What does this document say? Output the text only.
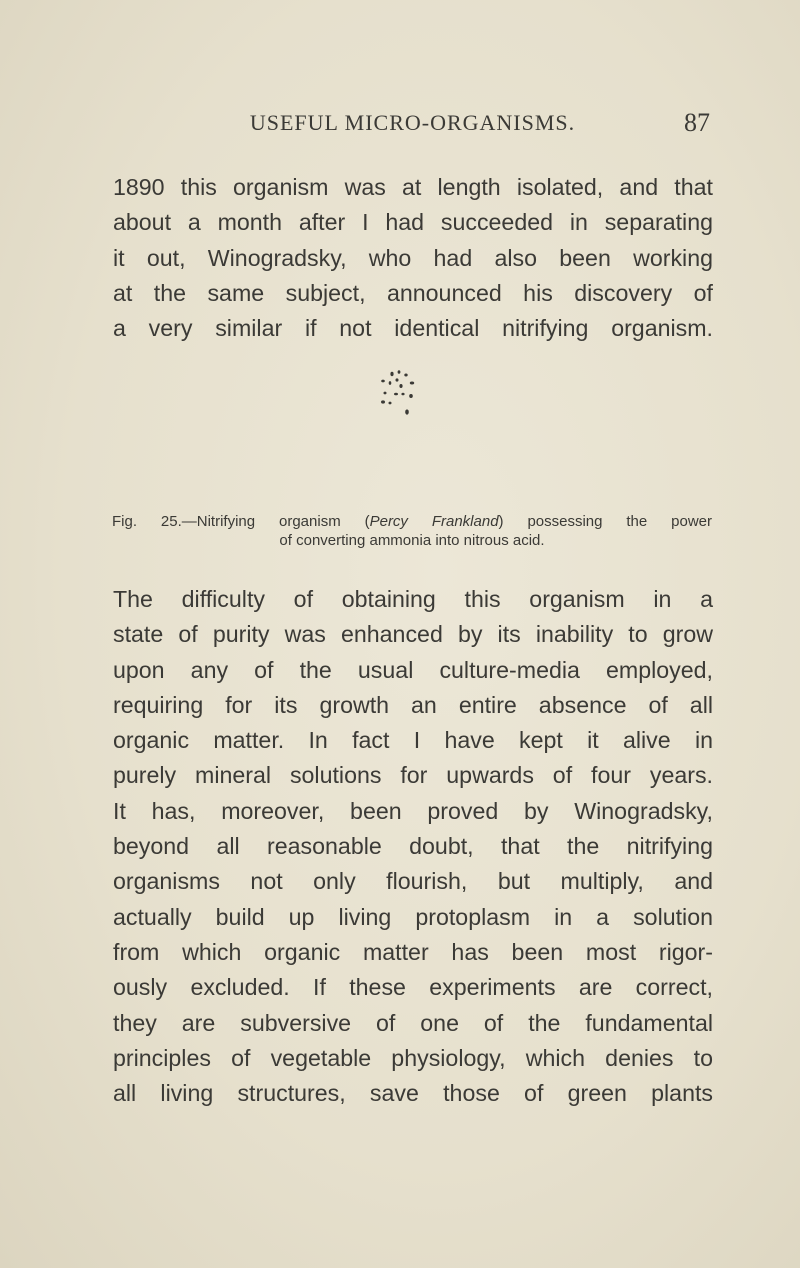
USEFUL MICRO-ORGANISMS.	87
1890 this organism was at length isolated, and that
about a month after I had succeeded in separating
it out, Winogradsky, who had also been working
at the same subject, announced his discovery of
a very similar if not identical nitrifying organism.
Fig. 25.—Nitrifying organism (Percy Frankland) possessing the power
of converting ammonia into nitrous acid.
The difficulty of obtaining this organism in a
state of purity was enhanced by its inability to grow
upon any of the usual culture-media employed,
requiring for its growth an entire absence of all
organic matter. In fact I have kept it alive in
purely mineral solutions for upwards of four years.
It has, moreover, been proved by Winogradsky,
beyond all reasonable doubt, that the nitrifying
organisms not only flourish, but multiply, and
actually build up living protoplasm in a solution
from which organic matter has been most rigor-
ously excluded. If these experiments are correct,
they are subversive of one of the fundamental
principles of vegetable physiology, which denies to
all living structures, save those of green plants
